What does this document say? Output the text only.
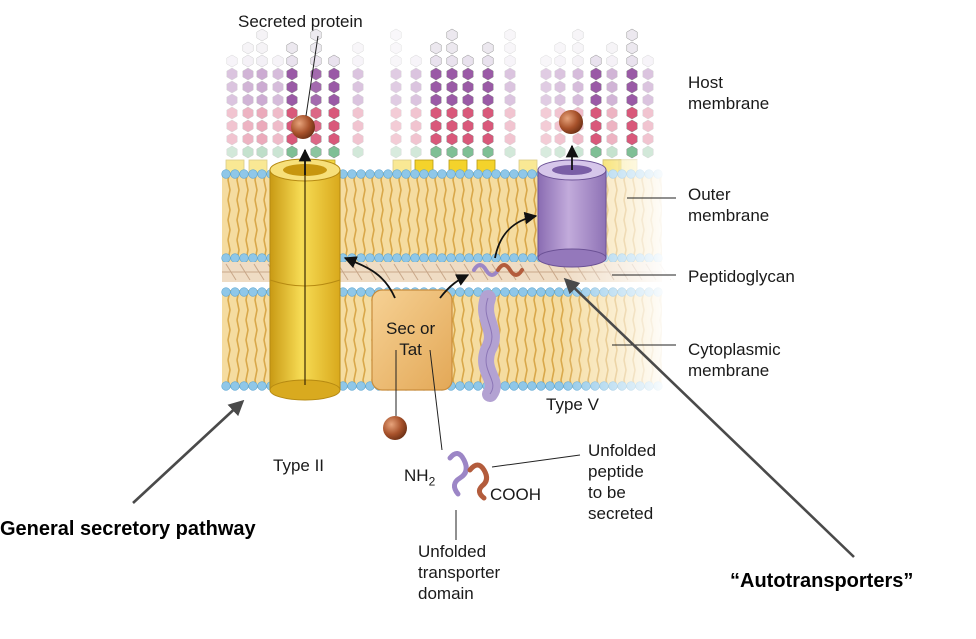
Secreted protein
Host
membrane
Outer
membrane
Peptidoglycan
Cytoplasmic
membrane
Sec or
Tat
Type V
Type II
$NH_2$
COOH
Unfolded
peptide
to be
secreted
Unfolded
transporter
domain
General secretory pathway
“Autotransporters”
